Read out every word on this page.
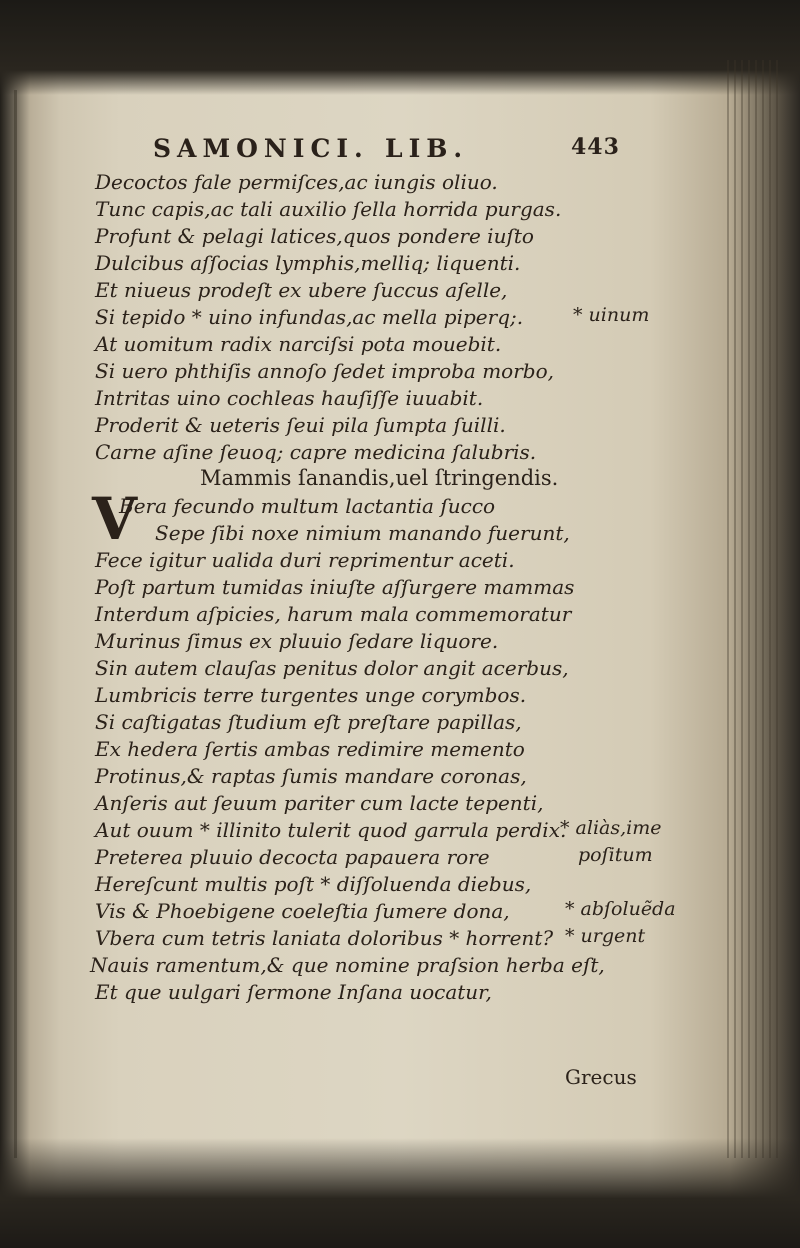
SAMONICI. LIB.	443
V
Decoctos fale permiſces,ac iungis oliuo.
Tunc capis,ac tali auxilio ſella horrida purgas.
Profunt & pelagi latices,quos pondere iuſto
Dulcibus aſſocias lymphis,melliq; liquenti.
Et niueus prodeſt ex ubere ſuccus aſelle,
Si tepido * uino infundas,ac mella piperq;.
At uomitum radix narciſsi pota mouebit.
Si uero phthiſis annoſo ſedet improba morbo,
Intritas uino cochleas hauſiſſe iuuabit.
Proderit & ueteris ſeui pila ſumpta ſuilli.
Carne aſine ſeuoq; capre medicina ſalubris.
Mammis ſanandis,uel ſtringendis.
Bera fecundo multum lactantia ſucco
Sepe ſibi noxe nimium manando fuerunt,
Fece igitur ualida duri reprimentur aceti.
Poſt partum tumidas iniuſte aſſurgere mammas
Interdum aſpicies, harum mala commemoratur
Murinus ſimus ex pluuio ſedare liquore.
Sin autem clauſas penitus dolor angit acerbus,
Lumbricis terre turgentes unge corymbos.
Si caſtigatas ſtudium eſt preſtare papillas,
Ex hedera ſertis ambas redimire memento
Protinus,& raptas ſumis mandare coronas,
Anſeris aut ſeuum pariter cum lacte tepenti,
Aut ouum * illinito tulerit quod garrula perdix.
Preterea pluuio decocta papauera rore
Hereſcunt multis poſt * diſſoluenda diebus,
Vis & Phoebigene coeleſtia ſumere dona,
Vbera cum tetris laniata doloribus * horrent?
Nauis ramentum,& que nomine praſsion herba eſt,
Et que uulgari ſermone Inſana uocatur,
* uinum
* aliàs,ime
poſitum
* abſoluẽda
* urgent
Grecus
